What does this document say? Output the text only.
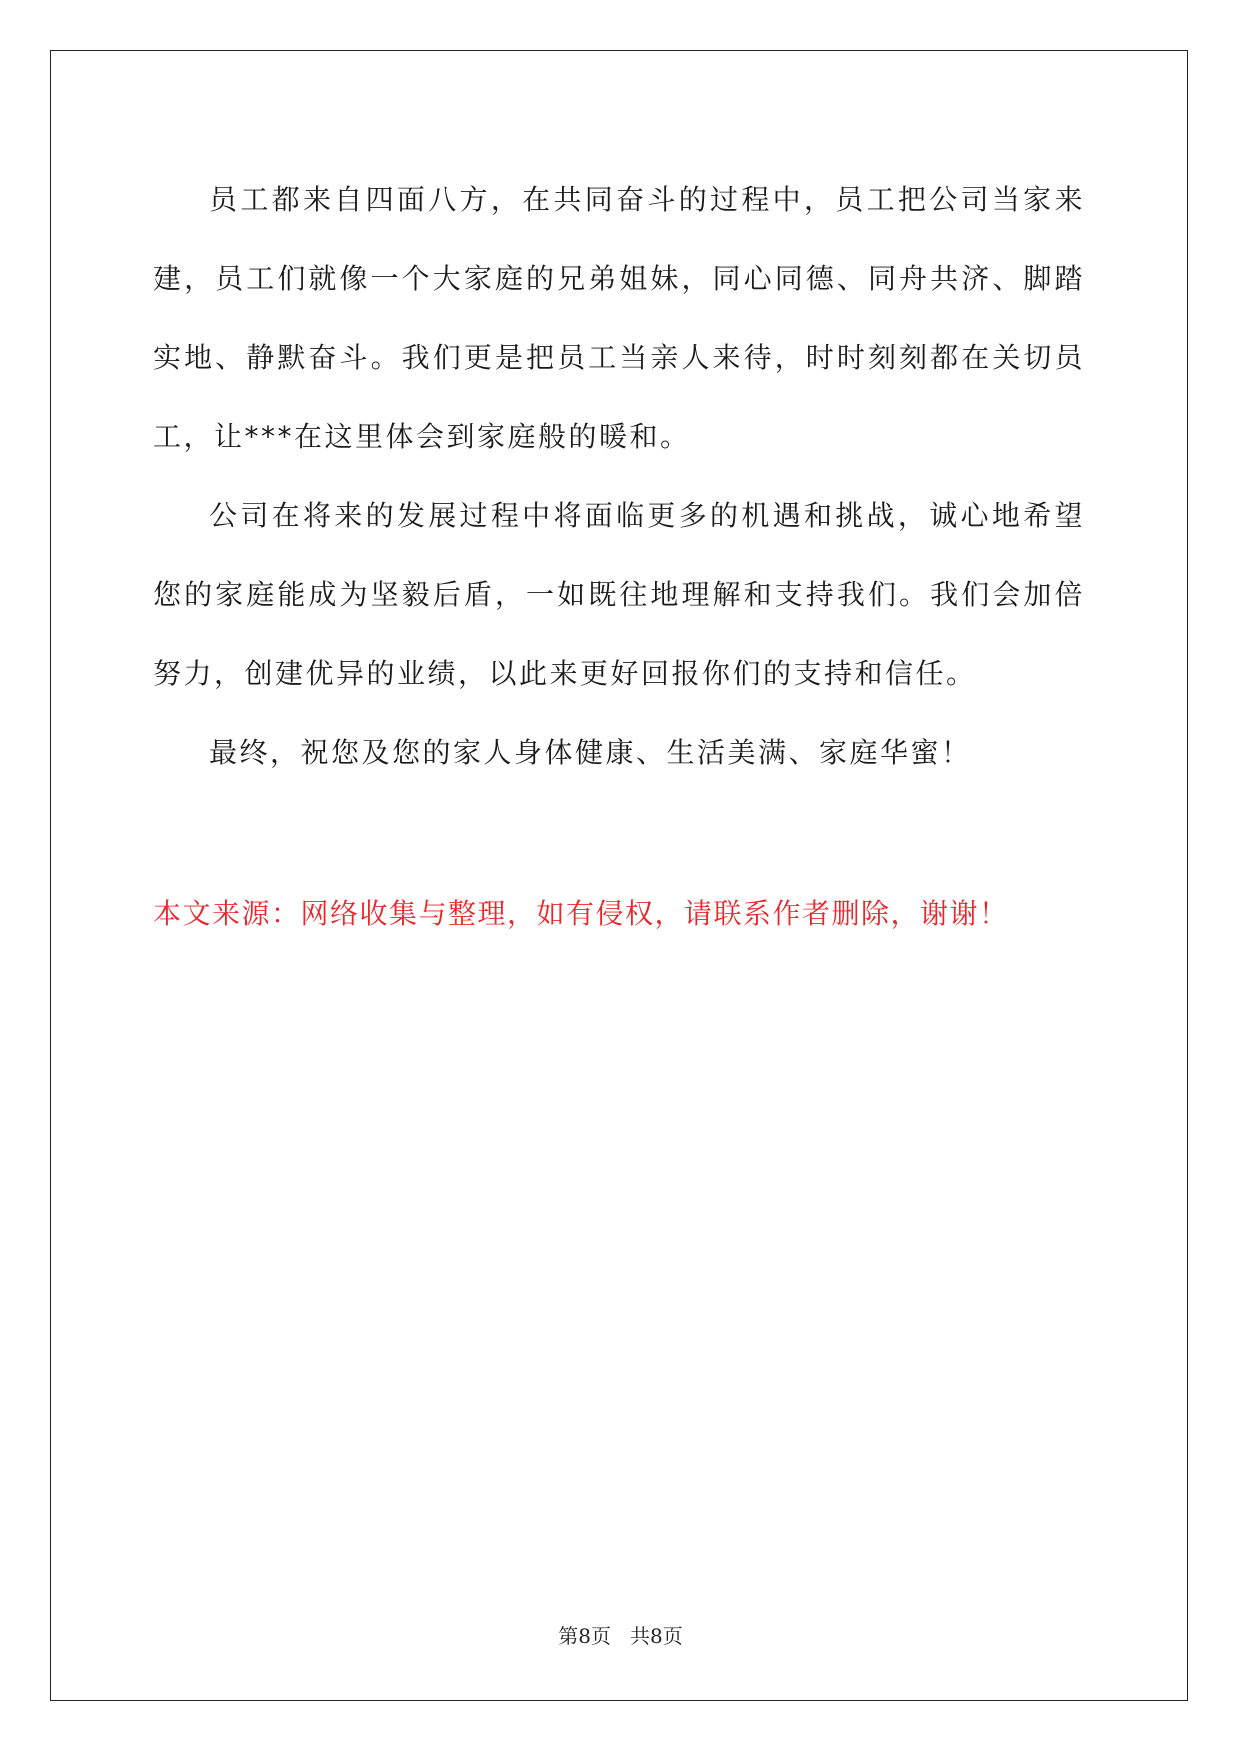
员工都来自四面八方，在共同奋斗的过程中，员工把公司当家来建，员工们就像一个大家庭的兄弟姐妹，同心同德、同舟共济、脚踏实地、静默奋斗。我们更是把员工当亲人来待，时时刻刻都在关切员工，让***在这里体会到家庭般的暖和。

公司在将来的发展过程中将面临更多的机遇和挑战，诚心地希望您的家庭能成为坚毅后盾，一如既往地理解和支持我们。我们会加倍努力，创建优异的业绩，以此来更好回报你们的支持和信任。

最终，祝您及您的家人身体健康、生活美满、家庭华蜜！

本文来源：网络收集与整理，如有侵权，请联系作者删除，谢谢！

第8页   共8页
